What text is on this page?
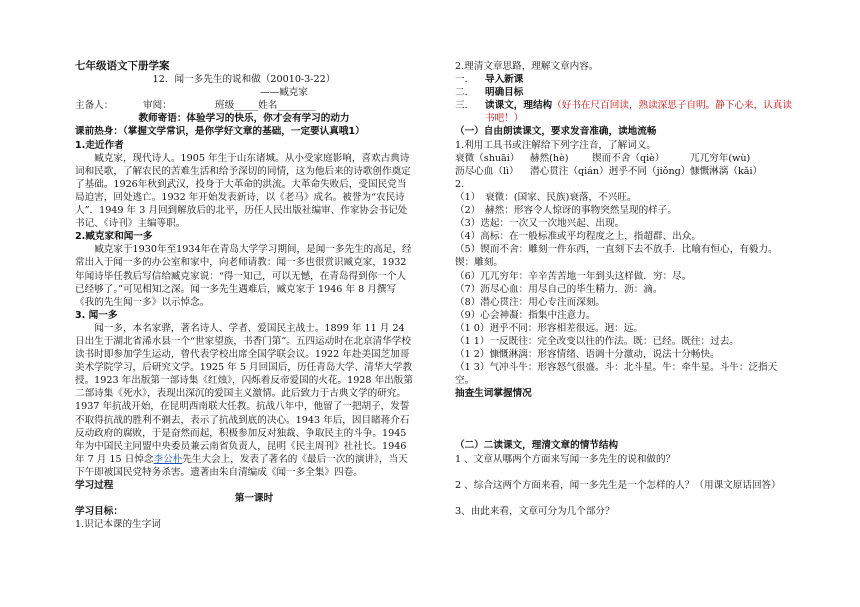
七年级语文下册学案

12．闻一多先生的说和做（20010-3-22）

——臧克家

主备人：	审阅：	班级_____姓名________

教师寄语：体验学习的快乐，你才会有学习的动力

课前热身：（掌握文学常识，是你学好文章的基础，一定要认真哦1）

1.走近作者

臧克家，现代诗人。1905 年生于山东诸城。从小受家庭影响，喜欢古典诗词和民歌，了解农民的苦难生活和给予深切的同情，这为他后来的诗歌创作奠定了基础。1926年秋到武汉，投身于大革命的洪流。大革命失败后，受国民党当局迫害，回处逃亡。1932 年开始发表新诗，以《老马》成名。被誉为“农民诗人”．1949 年 3 月回到解放后的北平，历任人民出版社编审、作家协会书记处书记、《诗刊》主编等职。

2.臧克家和闻一多

臧克家于1930年至1934年在青岛大学学习期间，是闻一多先生的高足，经常出入于闻一多的办公室和家中，向老师请教：闻一多也很赏识臧克家，1932 年闻诗毕任教后写信给臧克家说：“得一知己，可以无憾，在青岛得到你一个人已经够了。”可见相知之深。闻一多先生遇难后，臧克家于 1946 年 8 月撰写《我的先生闻一多》以示悼念。

3. 闻一多

闻一多，本名家骅，著名诗人、学者、爱国民主战士。1899 年 11 月 24 日出生于湖北省浠水县一个“世家望族，书香门第”。五四运动时在北京清华学校读书时即参加学生运动，曾代表学校出席全国学联会议。1922 年赴美国芝加哥美术学院学习，后研究文学。1925 年 5 月回国后，历任青岛大学、清华大学教授。1923 年出版第一部诗集《红烛》，闪烁着反帝爱国的火花。1928 年出版第二部诗集《死水》，表现出深沉的爱国主义激情。此后致力于古典文学的研究。1937 年抗战开始，在昆明西南联大任教。抗战八年中，他留了一把胡子，发誓不取得抗战的胜利不剃去，表示了抗战到底的决心。1943 年后，因目睹蒋介石反动政府的腐败，于是奋然而起，积极参加反对独裁、争取民主的斗争。1945 年为中国民主同盟中央委员兼云南省负责人，昆明《民主周刊》社社长。1946 年 7 月 15 日悼念李公朴先生大会上，发表了著名的《最后一次的演讲》，当天下午即被国民党特务杀害。遗著由朱自清编成《闻一多全集》四卷。

学习过程

第一课时

学习目标：

1.识记本课的生字词

2.理清文章思路，理解文章内容。

一．	导入新课
二．	明确目标

三． 读课文，理结构（好书在尺百回读，熟读深思子自明。静下心来，认真读书吧！）

（一）自由朗读课文，要求发音准确，读地流畅

1.利用工具书或注解给下列字注音，了解词义。

衰微（shuāi）	赫然(hè)	锲而不舍（qiè）	兀兀穷年(wù)
沥尽心血（lì）	潜心贯注（qián）迥乎不同（jiǒng） 慷慨淋漓（kǎi）

2.

（1）　衰微：(国家、民族)衰落，不兴旺。

（2）　赫然：形容令人惊讶的事物突然呈现的样子。

（3）迭起：一次又一次地兴起、出现。

（4）高标：在一般标准或平均程度之上，指超群、出众。

（5）锲而不舍：雕刻一件东西，一直刻下去不放手．比喻有恒心，有毅力。锲：雕刻。

（6）兀兀穷年：辛辛苦苦地一年到头这样做．穷：尽。

（7）沥尽心血：用尽自己的毕生精力．沥：滴。

（8）潜心贯注：用心专注而深刻。

（9）心会神凝：指集中注意力。

（1 0）迥乎不同：形容相差很远。迥：远。

（1 1）一反既往：完全改变以往的作法。既：已经。既往：过去。

（1 2）慷慨淋漓：形容情绪、语调十分激动，说法十分畅快。

（1 3）气冲斗牛：形容怒气很盛。斗：北斗星。牛：牵牛星。斗牛：泛指天空。

抽查生词掌握情况

（二）二读课文，理清文章的情节结构

1 、文章从哪两个方面来写闻一多先生的说和做的？

2 、综合这两个方面来看，闻一多先生是一个怎样的人？（用课文原话回答）

3、由此来看，文章可分为几个部分？
